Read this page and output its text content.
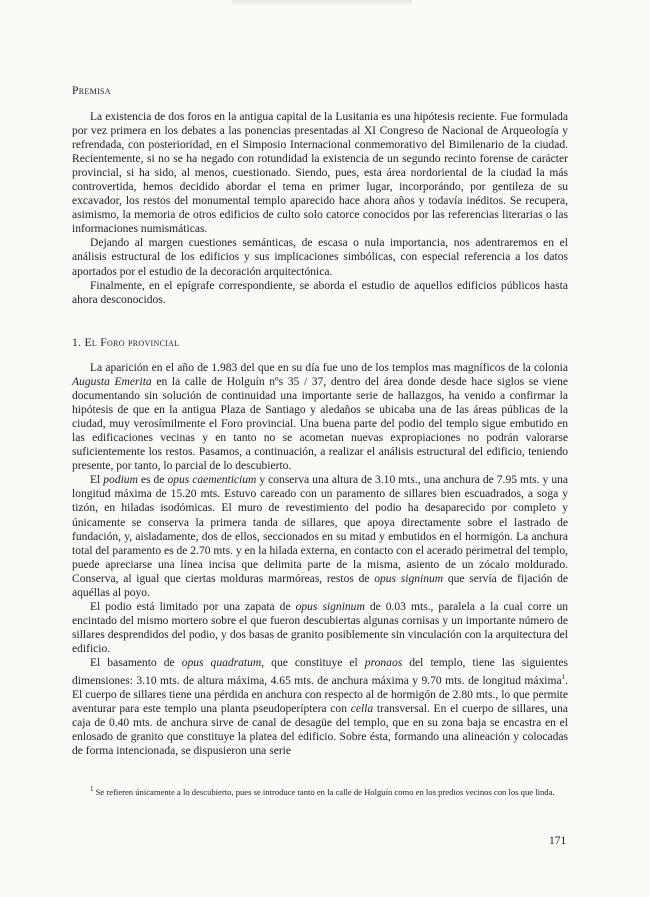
Premisa

La existencia de dos foros en la antigua capital de la Lusitania es una hipótesis reciente. Fue formulada por vez primera en los debates a las ponencias presentadas al XI Congreso de Nacional de Arqueología y refrendada, con posterioridad, en el Simposio Internacional conmemorativo del Bimilenario de la ciudad. Recientemente, si no se ha negado con rotundidad la existencia de un segundo recinto forense de carácter provincial, si ha sido, al menos, cuestionado. Siendo, pues, esta área nordoriental de la ciudad la más controvertida, hemos decidido abordar el tema en primer lugar, incorporándo, por gentileza de su excavador, los restos del monumental templo aparecido hace ahora años y todavía inéditos. Se recupera, asimismo, la memoria de otros edificios de culto solo catorce conocidos por las referencias literarias o las informaciones numismáticas.

Dejando al margen cuestiones semánticas, de escasa o nula importancia, nos adentraremos en el análisis estructural de los edificios y sus implicaciones simbólicas, con especial referencia a los datos aportados por el estudio de la decoración arquitectónica.

Finalmente, en el epígrafe correspondiente, se aborda el estudio de aquellos edificios públicos hasta ahora desconocidos.

1. El Foro provincial

La aparición en el año de 1.983 del que en su día fue uno de los templos mas magníficos de la colonia Augusta Emerita en la calle de Holguín nºs 35 / 37, dentro del área donde desde hace siglos se viene documentando sin solución de continuidad una importante serie de hallazgos, ha venido a confirmar la hipótesis de que en la antigua Plaza de Santiago y aledaños se ubicaba una de las áreas públicas de la ciudad, muy verosímilmente el Foro provincial. Una buena parte del podio del templo sigue embutido en las edificaciones vecinas y en tanto no se acometan nuevas expropiaciones no podrán valorarse suficientemente los restos. Pasamos, a continuación, a realizar el análisis estructural del edificio, teniendo presente, por tanto, lo parcial de lo descubierto.

El podium es de opus caementicium y conserva una altura de 3.10 mts., una anchura de 7.95 mts. y una longitud máxima de 15.20 mts. Estuvo careado con un paramento de sillares bien escuadrados, a soga y tizón, en hiladas isodómicas. El muro de revestimiento del podio ha desaparecido por completo y únicamente se conserva la primera tanda de sillares, que apoya directamente sobre el lastrado de fundación, y, aisladamente, dos de ellos, seccionados en su mitad y embutidos en el hormigón. La anchura total del paramento es de 2.70 mts. y en la hilada externa, en contacto con el acerado perimetral del templo, puede apreciarse una línea incisa que delimita parte de la misma, asiento de un zócalo moldurado. Conserva, al igual que ciertas molduras marmóreas, restos de opus signinum que servía de fijación de aquéllas al poyo.

El podio está limitado por una zapata de opus signinum de 0.03 mts., paralela a la cual corre un encintado del mismo mortero sobre el que fueron descubiertas algunas cornisas y un importante número de sillares desprendidos del podio, y dos basas de granito posiblemente sin vinculación con la arquitectura del edificio.

El basamento de opus quadratum, que constituye el pronaos del templo, tiene las siguientes dimensiones: 3.10 mts. de altura máxima, 4.65 mts. de anchura máxima y 9.70 mts. de longitud máxima$^1$. El cuerpo de sillares tiene una pérdida en anchura con respecto al de hormigón de 2.80 mts., lo que permite aventurar para este templo una planta pseudoperíptera con cella transversal. En el cuerpo de sillares, una caja de 0.40 mts. de anchura sirve de canal de desagüe del templo, que en su zona baja se encastra en el enlosado de granito que constituye la platea del edificio. Sobre ésta, formando una alineación y colocadas de forma intencionada, se dispusieron una serie

$^1$ Se refieren únicamente a lo descubierto, pues se introduce tanto en la calle de Holguín como en los predios vecinos con los que linda.

171
